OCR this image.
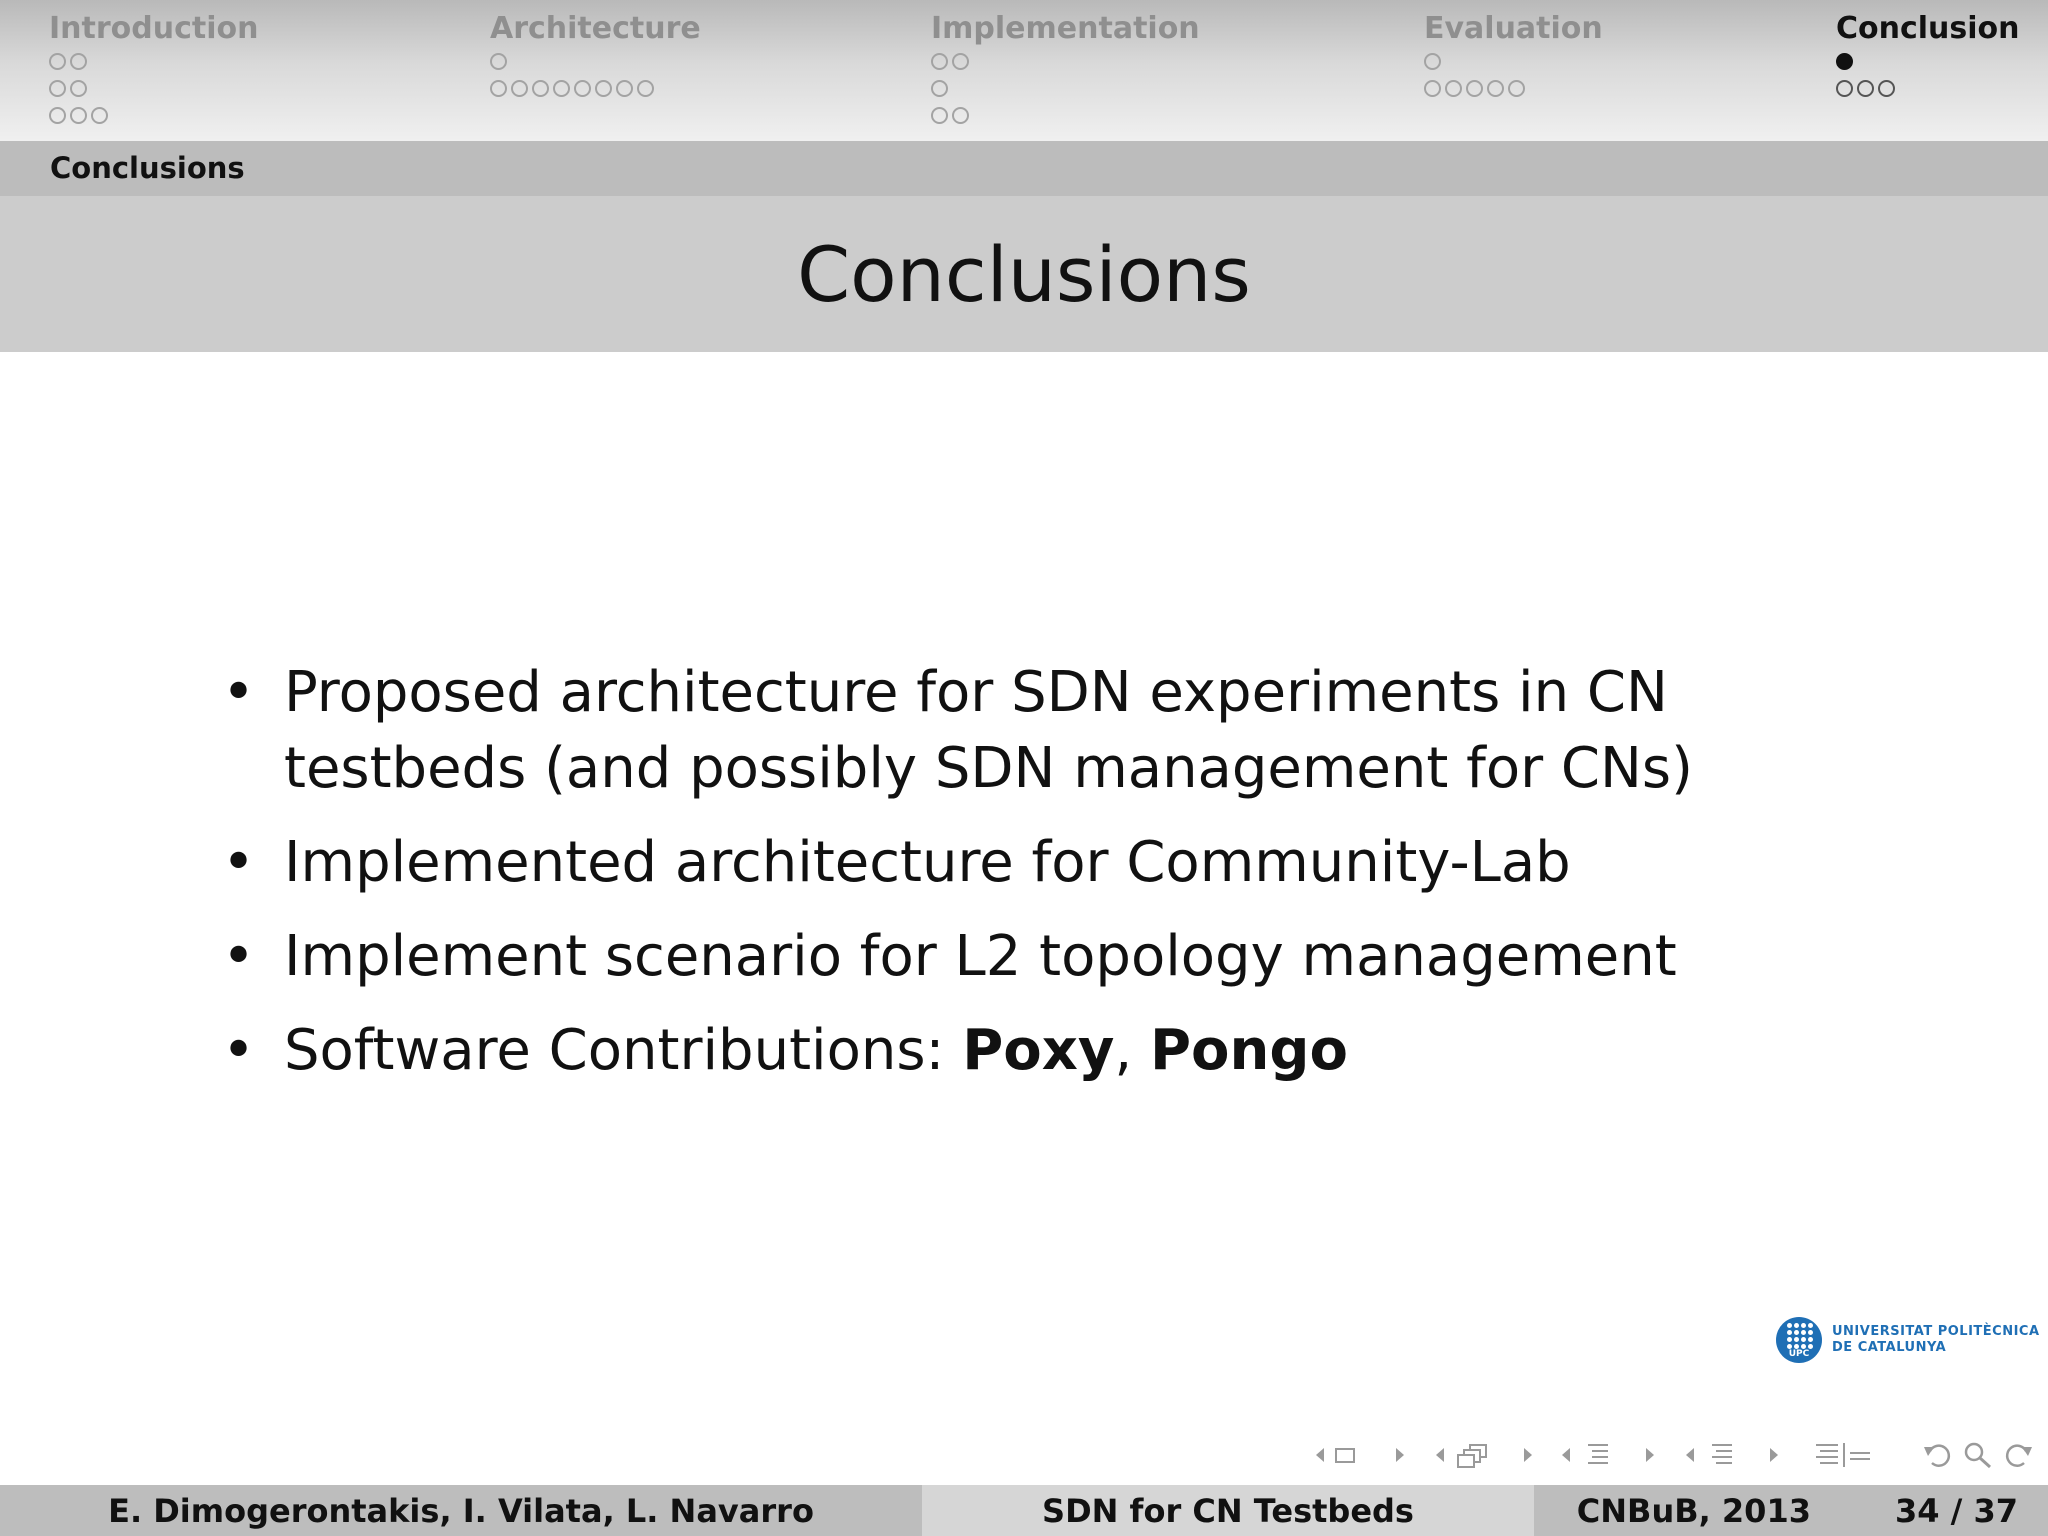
Introduction	Architecture	Implementation	Evaluation	Conclusion
Conclusions
Conclusions
• Proposed architecture for SDN experiments in CN testbeds (and possibly SDN management for CNs)
• Implemented architecture for Community-Lab
• Implement scenario for L2 topology management
• Software Contributions: Poxy, Pongo
UPC
UNIVERSITAT POLITÈCNICA
DE CATALUNYA
E. Dimogerontakis, I. Vilata, L. Navarro	SDN for CN Testbeds	CNBuB, 2013	34 / 37
